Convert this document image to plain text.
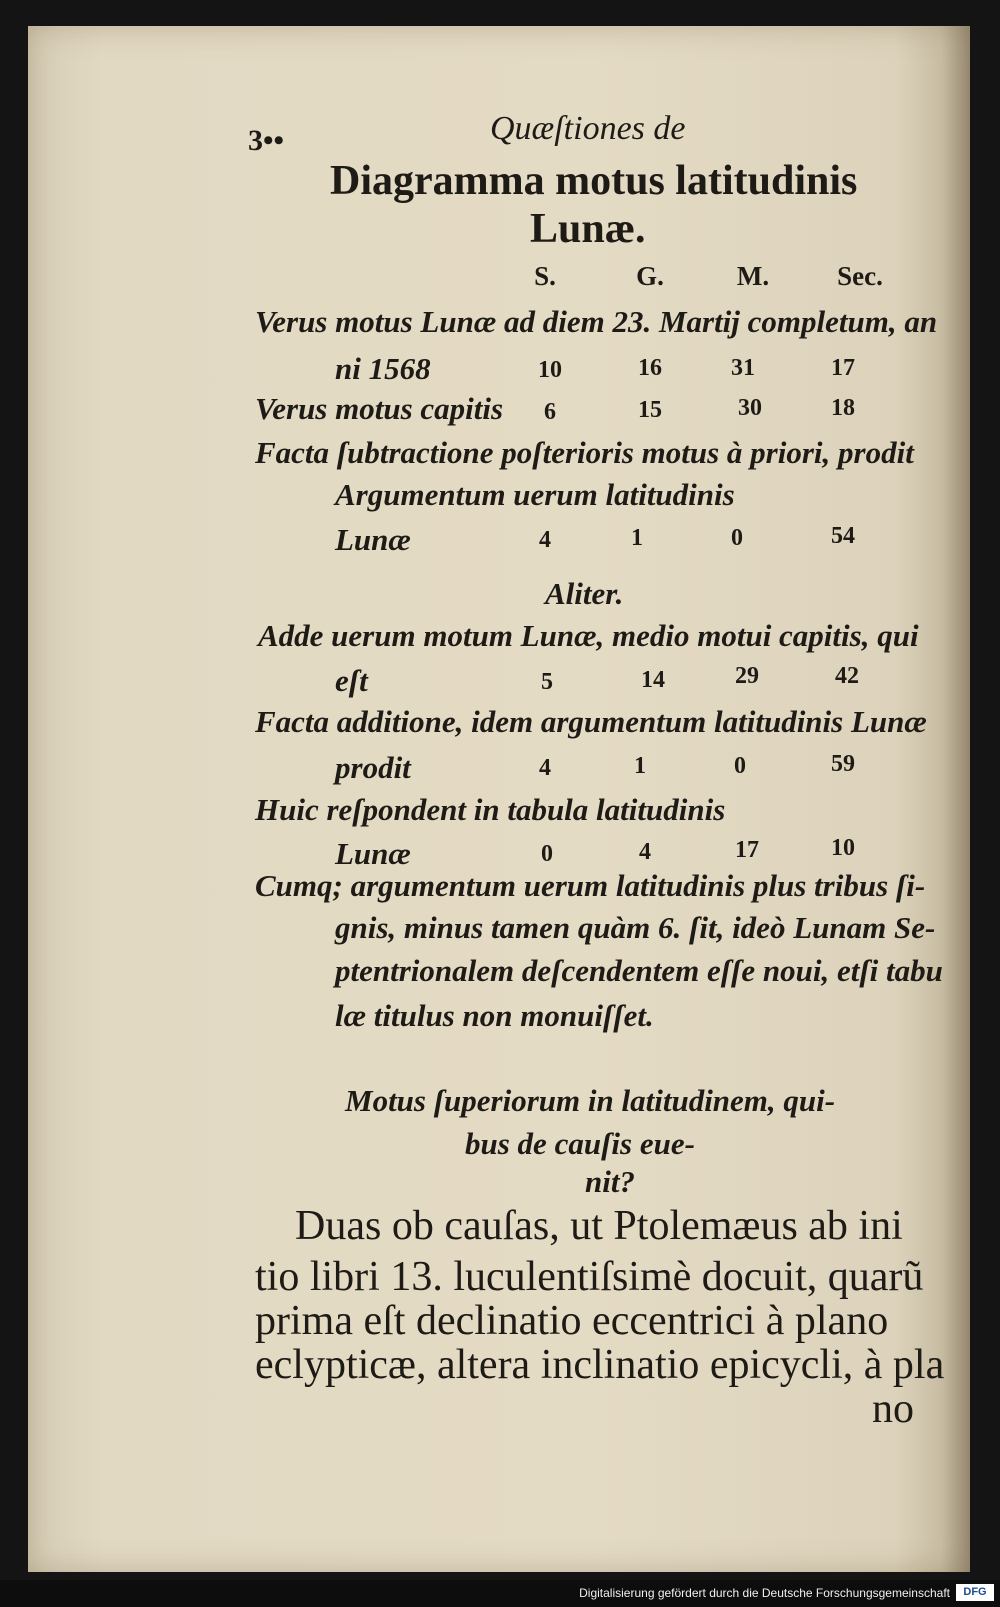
3••	Quæſtiones de
Diagramma motus latitudinis
Lunæ.
S.	G.	M.	Sec.
Verus motus Lunæ ad diem 23. Martij completum, an
ni 1568	10	16	31	17
Verus motus capitis	6	15	30	18
Facta ſubtractione poſterioris motus à priori, prodit
Argumentum uerum latitudinis
Lunæ	4	1	0	54
Aliter.
Adde uerum motum Lunæ, medio motui capitis, qui
eſt	5	14	29	42
Facta additione, idem argumentum latitudinis Lunæ
prodit	4	1	0	59
Huic reſpondent in tabula latitudinis
Lunæ	0	4	17	10
Cumq; argumentum uerum latitudinis plus tribus ſi-
gnis, minus tamen quàm 6. ſit, ideò Lunam Se-
ptentrionalem deſcendentem eſſe noui, etſi tabu
læ titulus non monuiſſet.
Motus ſuperiorum in latitudinem, qui-
bus de cauſis eue-
nit?
Duas ob cauſas, ut Ptolemæus ab ini
tio libri 13. luculentiſsimè docuit, quarũ
prima eſt declinatio eccentrici à plano
eclypticæ, altera inclinatio epicycli, à pla
no
Digitalisierung gefördert durch die Deutsche Forschungsgemeinschaft	DFG
